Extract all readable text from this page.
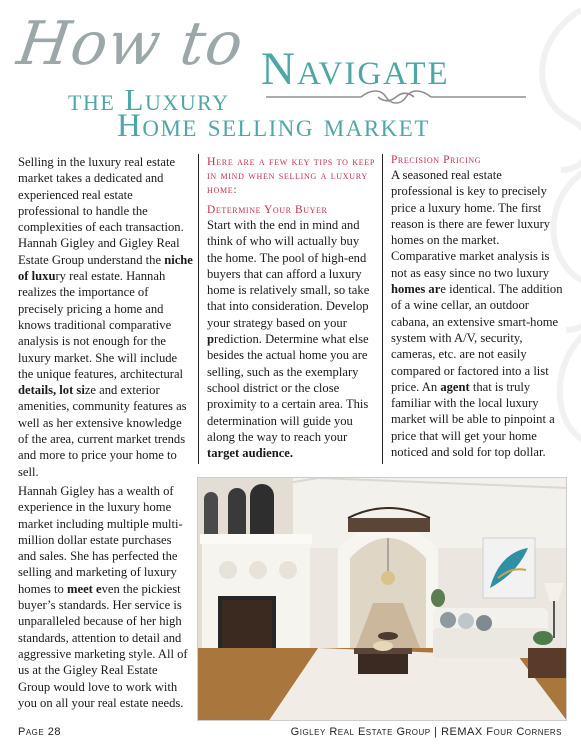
How to Navigate
the Luxury
Home selling market

Selling in the luxury real estate market takes a dedicated and experienced real estate professional to handle the complexities of each transaction. Hannah Gigley and Gigley Real Estate Group understand the niche of luxury real estate. Hannah realizes the importance of precisely pricing a home and knows traditional comparative analysis is not enough for the luxury market. She will include the unique features, architectural details, lot size and exterior amenities, community features as well as her extensive knowledge of the area, current market trends and more to price your home to sell.

Hannah Gigley has a wealth of experience in the luxury home market including multiple multi-million dollar estate purchases and sales. She has perfected the selling and marketing of luxury homes to meet even the pickiest buyer’s standards. Her service is unparalleled because of her high standards, attention to detail and aggressive marketing style. All of us at the Gigley Real Estate Group would love to work with you on all your real estate needs.

Here are a few key tips to keep in mind when selling a luxury home:

Determine Your Buyer

Start with the end in mind and think of who will actually buy the home. The pool of high-end buyers that can afford a luxury home is relatively small, so take that into consideration. Develop your strategy based on your prediction. Determine what else besides the actual home you are selling, such as the exemplary school district or the close proximity to a certain area. This determination will guide you along the way to reach your target audience.

Precision Pricing

A seasoned real estate professional is key to precisely price a luxury home. The first reason is there are fewer luxury homes on the market. Comparative market analysis is not as easy since no two luxury homes are identical. The addition of a wine cellar, an outdoor cabana, an extensive smart-home system with A/V, security, cameras, etc. are not easily compared or factored into a list price. An agent that is truly familiar with the local luxury market will be able to pinpoint a price that will get your home noticed and sold for top dollar.

Page 28	Gigley Real Estate Group | REMAX Four Corners
